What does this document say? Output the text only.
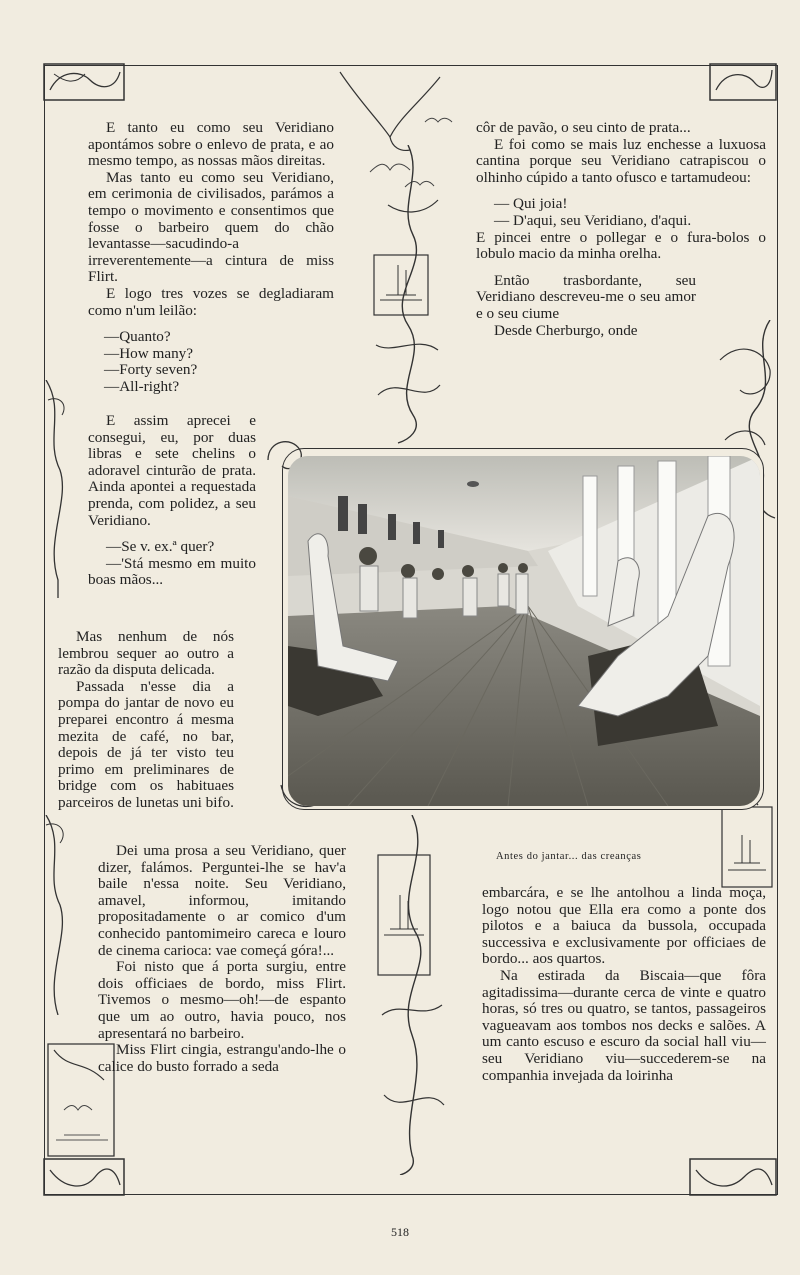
Antes do jantar... das creanças

E tanto eu como seu Veridiano apontámos sobre o enlevo de prata, e ao mesmo tempo, as nossas mãos direitas.

Mas tanto eu como seu Veridiano, em cerimonia de civilisados, parámos a tempo o movimento e consentimos que fosse o barbeiro quem do chão levantasse—sacudindo-a irreverentemente—a cintura de miss Flirt.

E logo tres vozes se degladiaram como n'um leilão:

—Quanto?

—How many?

—Forty seven?

—All-right?

E assim aprecei e consegui, eu, por duas libras e sete chelins o adoravel cinturão de prata. Ainda apontei a requestada prenda, com polidez, a seu Veridiano.

—Se v. ex.ª quer?

—'Stá mesmo em muito boas mãos...

Mas nenhum de nós lembrou sequer ao outro a razão da disputa delicada.

Passada n'esse dia a pompa do jantar de novo eu preparei encontro á mesma mezita de café, no bar, depois de já ter visto teu primo em preliminares de bridge com os habituaes parceiros de lunetas uni bifo.

Dei uma prosa a seu Veridiano, quer dizer, falámos. Perguntei-lhe se hav'a baile n'essa noite. Seu Veridiano, amavel, informou, imitando propositadamente o ar comico d'um conhecido pantomimeiro careca e louro de cinema carioca: vae começá góra!...

Foi nisto que á porta surgiu, entre dois officiaes de bordo, miss Flirt. Tivemos o mesmo—oh!—de espanto que um ao outro, havia pouco, nos apresentará no barbeiro.

Miss Flirt cingia, estrangu'ando-lhe o calice do busto forrado a seda

côr de pavão, o seu cinto de prata...

E foi como se mais luz enchesse a luxuosa cantina porque seu Veridiano catrapiscou o olhinho cúpido a tanto ofusco e tartamudeou:

— Qui joia!

— D'aqui, seu Veridiano, d'aqui.

E pincei entre o pollegar e o fura-bolos o lobulo macio da minha orelha.

Então trasbordante, seu Veridiano descreveu-me o seu amor e o seu ciume

Desde Cherburgo, onde

embarcára, e se lhe antolhou a linda moça, logo notou que Ella era como a ponte dos pilotos e a baiuca da bussola, occupada successiva e exclusivamente por officiaes de bordo... aos quartos.

Na estirada da Biscaia—que fôra agitadissima—durante cerca de vinte e quatro horas, só tres ou quatro, se tantos, passageiros vagueavam aos tombos nos decks e salões. A um canto escuso e escuro da social hall viu—seu Veridiano viu—succederem-se na companhia invejada da loirinha

518
